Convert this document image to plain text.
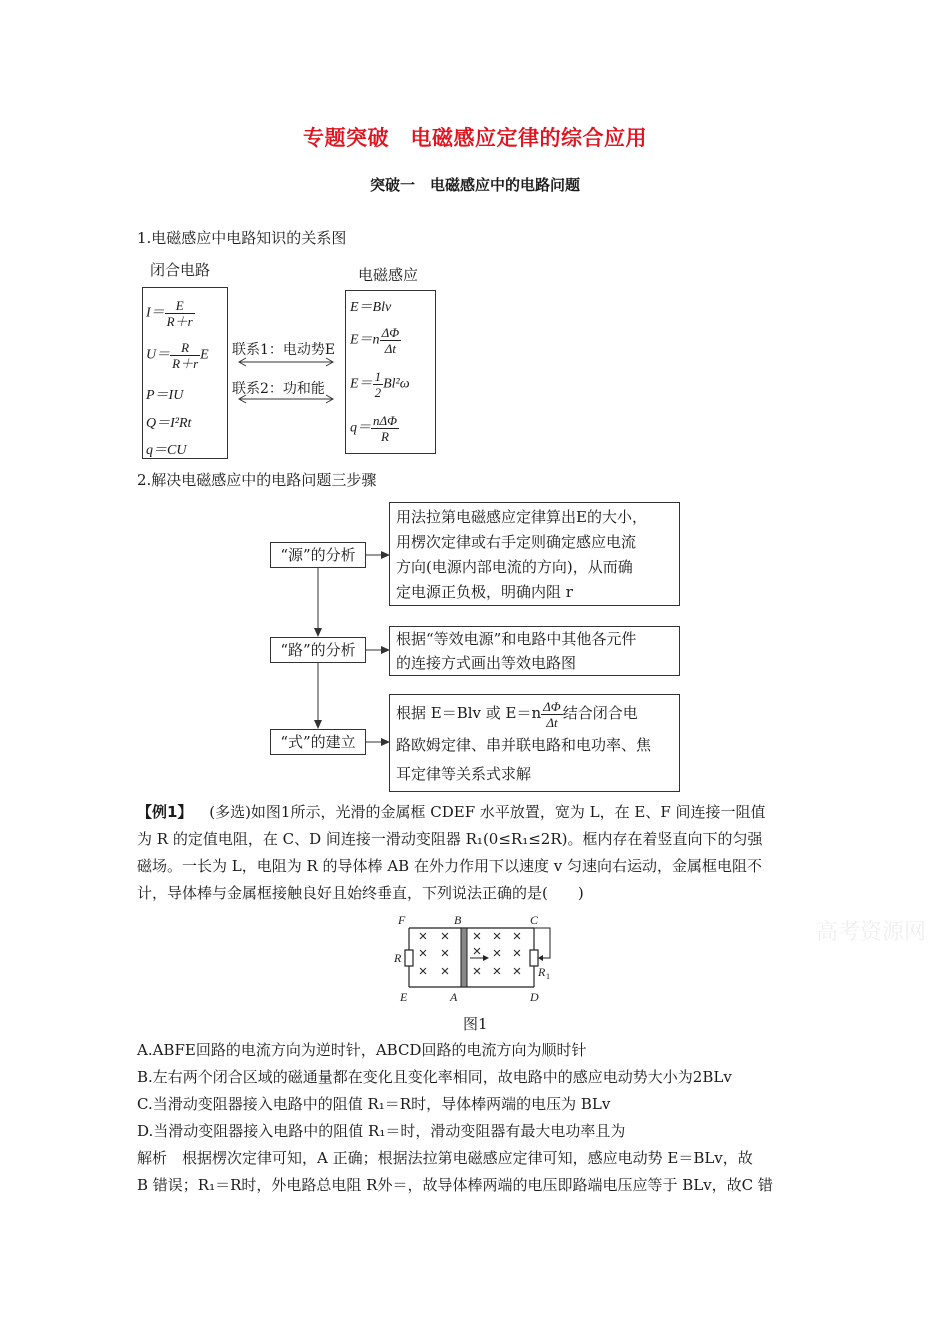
专题突破　电磁感应定律的综合应用
突破一　电磁感应中的电路问题
1.电磁感应中电路知识的关系图
闭合电路	电磁感应
$I= \frac{E}{R+r}$
$U= \frac{R}{R+r}$ E
P＝IU
Q＝I²Rt
q＝CU
联系1：电动势E
联系2：功和能
E＝Blv
$E=n \frac{\Delta\Phi}{\Delta t}$
$E= \frac{1}{2} Bl^2\omega$
$q= \frac{\text{nΔΦ}}{R}$
2.解决电磁感应中的电路问题三步骤
“源”的分析
“路”的分析
“式”的建立
用法拉第电磁感应定律算出E的大小，
用楞次定律或右手定则确定感应电流
方向(电源内部电流的方向)，从而确
定电源正负极，明确内阻 r
根据“等效电源”和电路中其他各元件
的连接方式画出等效电路图
根据 E＝Blv 或 $E=n \frac{\Delta\Phi}{\Delta t}$ 结合闭合电
路欧姆定律、串并联电路和电功率、焦
耳定律等关系式求解
【例1】 (多选)如图1所示，光滑的金属框 CDEF 水平放置，宽为 L，在 E、F 间连接一阻值
为 R 的定值电阻，在 C、D 间连接一滑动变阻器 R₁(0≤R₁≤2R)。框内存在着竖直向下的匀强
磁场。一长为 L，电阻为 R 的导体棒 AB 在外力作用下以速度 v 匀速向右运动，金属框电阻不
计，导体棒与金属框接触良好且始终垂直，下列说法正确的是(　　)
高考资源网
F	B	C
R
R 1
E	A	D
图1
A.ABFE回路的电流方向为逆时针，ABCD回路的电流方向为顺时针
B.左右两个闭合区域的磁通量都在变化且变化率相同，故电路中的感应电动势大小为2BLv
C.当滑动变阻器接入电路中的阻值 R₁＝R时，导体棒两端的电压为 BLv
D.当滑动变阻器接入电路中的阻值 R₁＝时，滑动变阻器有最大电功率且为
解析　根据楞次定律可知，A 正确；根据法拉第电磁感应定律可知，感应电动势 E＝BLv，故
B 错误；R₁＝R时，外电路总电阻 R外＝，故导体棒两端的电压即路端电压应等于 BLv，故C 错
